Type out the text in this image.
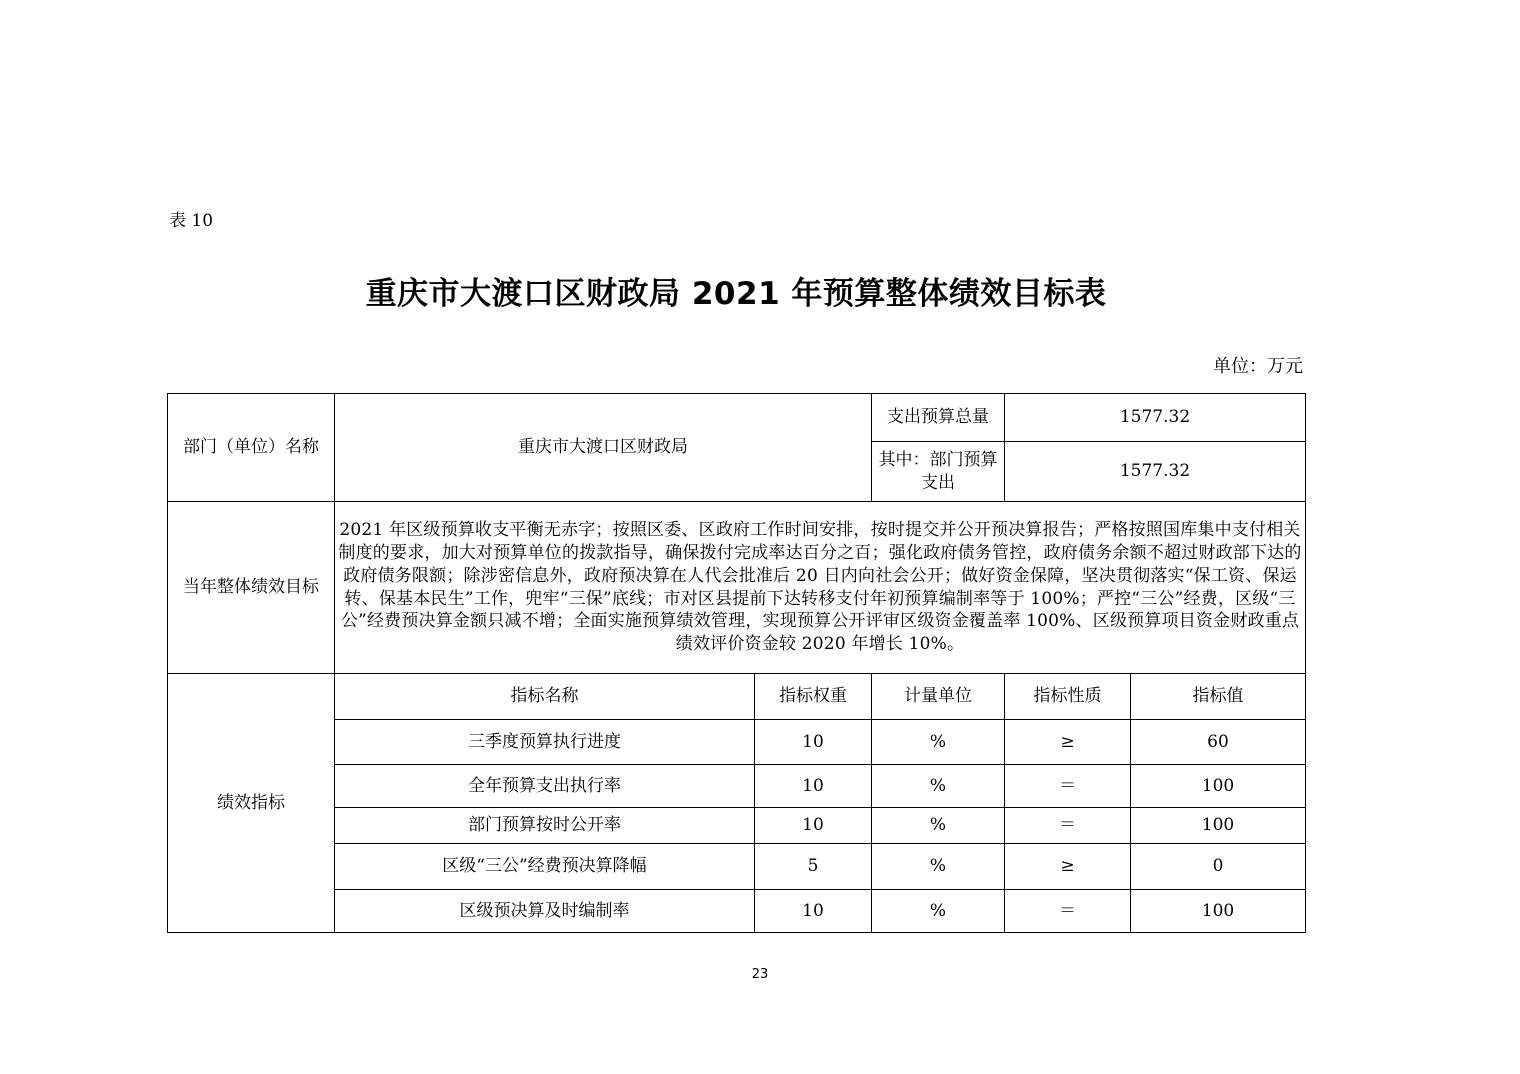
表 10
重庆市大渡口区财政局 2021 年预算整体绩效目标表
单位：万元
部门（单位）名称	重庆市大渡口区财政局		支出预算总量	1577.32	
			其中：部门预算支出	1577.32	
当年整体绩效目标	2021 年区级预算收支平衡无赤字；按照区委、区政府工作时间安排，按时提交并公开预决算报告；严格按照国库集中支付相关制度的要求，加大对预算单位的拨款指导，确保拨付完成率达百分之百；强化政府债务管控，政府债务余额不超过财政部下达的政府债务限额；除涉密信息外，政府预决算在人代会批准后 20 日内向社会公开；做好资金保障，坚决贯彻落实“保工资、保运转、保基本民生”工作，兜牢“三保”底线；市对区县提前下达转移支付年初预算编制率等于 100%；严控“三公”经费，区级“三公”经费预决算金额只减不增；全面实施预算绩效管理，实现预算公开评审区级资金覆盖率 100%、区级预算项目资金财政重点绩效评价资金较 2020 年增长 10%。				
绩效指标	指标名称	指标权重	计量单位	指标性质	指标值
	三季度预算执行进度	10	%	≥	60
	全年预算支出执行率	10	%	＝	100
	部门预算按时公开率	10	%	＝	100
	区级“三公”经费预决算降幅	5	%	≥	0
	区级预决算及时编制率	10	%	＝	100
23
